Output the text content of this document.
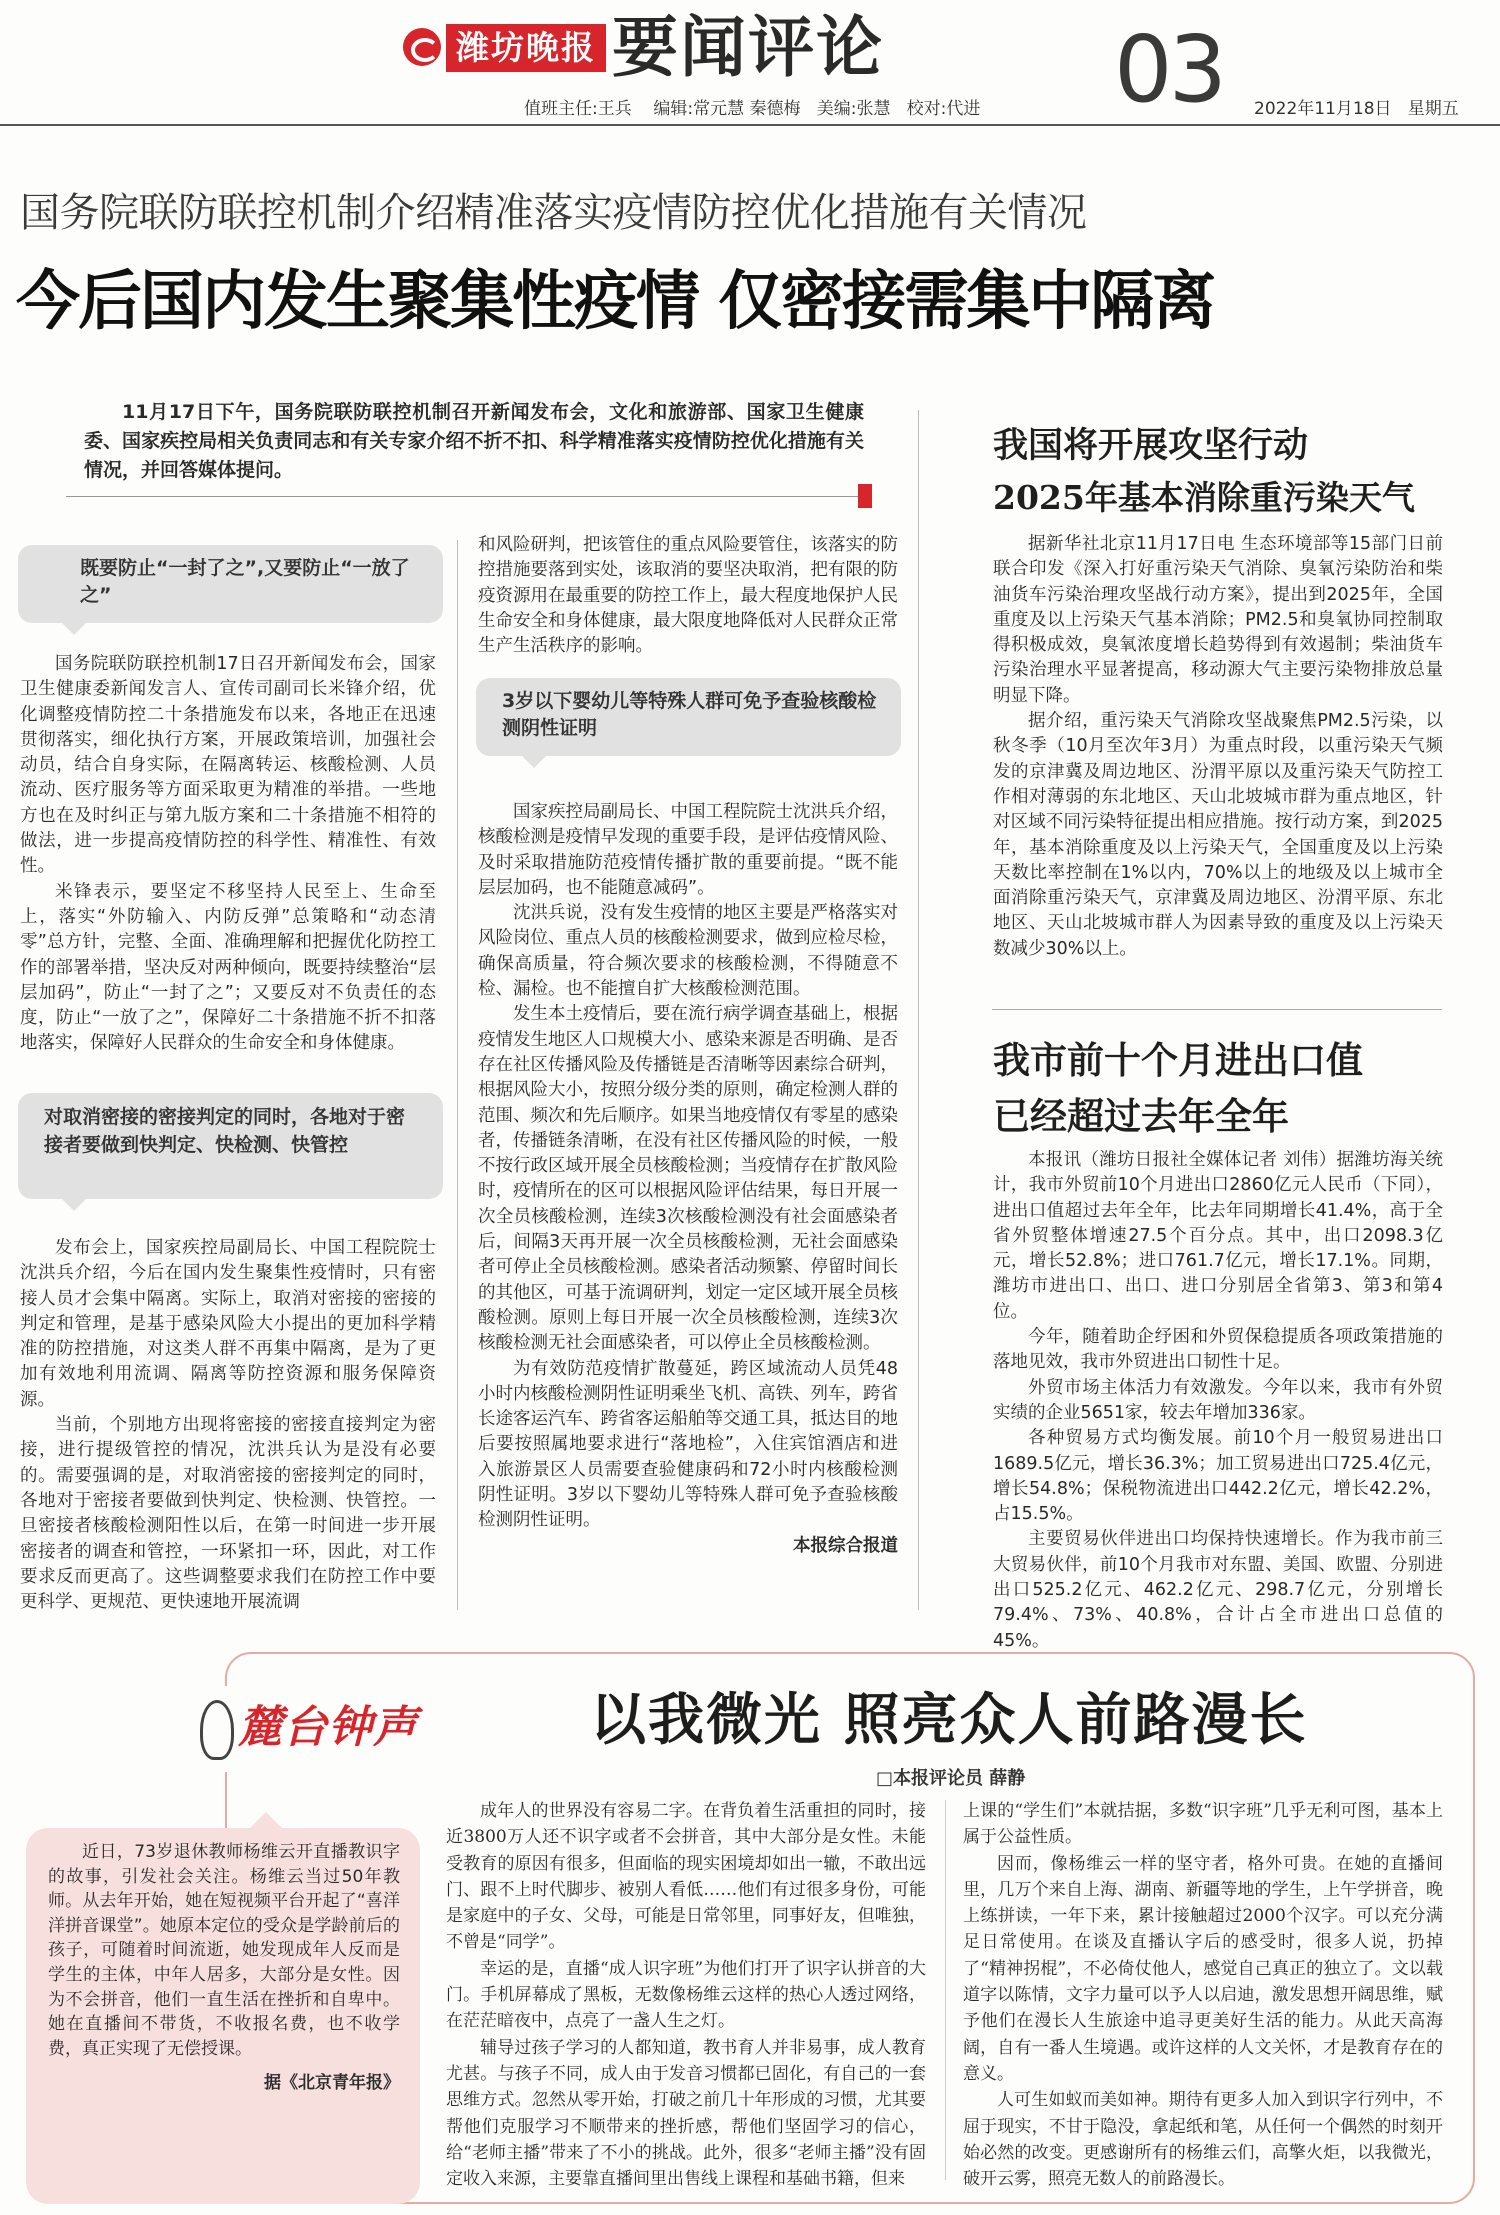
潍坊晚报 要闻评论	03 2022年11月18日 星期五
值班主任:王兵 编辑:常元慧 秦德梅 美编:张慧 校对:代进
国务院联防联控机制介绍精准落实疫情防控优化措施有关情况
今后国内发生聚集性疫情 仅密接需集中隔离

11月17日下午，国务院联防联控机制召开新闻发布会，文化和旅游部、国家卫生健康委、国家疾控局相关负责同志和有关专家介绍不折不扣、科学精准落实疫情防控优化措施有关情况，并回答媒体提问。

既要防止“一封了之”,又要防止“一放了之”

国务院联防联控机制17日召开新闻发布会，国家卫生健康委新闻发言人、宣传司副司长米锋介绍，优化调整疫情防控二十条措施发布以来，各地正在迅速贯彻落实，细化执行方案，开展政策培训，加强社会动员，结合自身实际，在隔离转运、核酸检测、人员流动、医疗服务等方面采取更为精准的举措。一些地方也在及时纠正与第九版方案和二十条措施不相符的做法，进一步提高疫情防控的科学性、精准性、有效性。

米锋表示，要坚定不移坚持人民至上、生命至上，落实“外防输入、内防反弹”总策略和“动态清零”总方针，完整、全面、准确理解和把握优化防控工作的部署举措，坚决反对两种倾向，既要持续整治“层层加码”，防止“一封了之”；又要反对不负责任的态度，防止“一放了之”，保障好二十条措施不折不扣落地落实，保障好人民群众的生命安全和身体健康。

对取消密接的密接判定的同时，各地对于密接者要做到快判定、快检测、快管控

发布会上，国家疾控局副局长、中国工程院院士沈洪兵介绍，今后在国内发生聚集性疫情时，只有密接人员才会集中隔离。实际上，取消对密接的密接的判定和管理，是基于感染风险大小提出的更加科学精准的防控措施，对这类人群不再集中隔离，是为了更加有效地利用流调、隔离等防控资源和服务保障资源。

当前，个别地方出现将密接的密接直接判定为密接，进行提级管控的情况，沈洪兵认为是没有必要的。需要强调的是，对取消密接的密接判定的同时，各地对于密接者要做到快判定、快检测、快管控。一旦密接者核酸检测阳性以后，在第一时间进一步开展密接者的调查和管控，一环紧扣一环，因此，对工作要求反而更高了。这些调整要求我们在防控工作中要更科学、更规范、更快速地开展流调

和风险研判，把该管住的重点风险要管住，该落实的防控措施要落到实处，该取消的要坚决取消，把有限的防疫资源用在最重要的防控工作上，最大程度地保护人民生命安全和身体健康，最大限度地降低对人民群众正常生产生活秩序的影响。

3岁以下婴幼儿等特殊人群可免予查验核酸检测阴性证明

国家疾控局副局长、中国工程院院士沈洪兵介绍，核酸检测是疫情早发现的重要手段，是评估疫情风险、及时采取措施防范疫情传播扩散的重要前提。“既不能层层加码，也不能随意减码”。

沈洪兵说，没有发生疫情的地区主要是严格落实对风险岗位、重点人员的核酸检测要求，做到应检尽检，确保高质量，符合频次要求的核酸检测，不得随意不检、漏检。也不能擅自扩大核酸检测范围。

发生本土疫情后，要在流行病学调查基础上，根据疫情发生地区人口规模大小、感染来源是否明确、是否存在社区传播风险及传播链是否清晰等因素综合研判，根据风险大小，按照分级分类的原则，确定检测人群的范围、频次和先后顺序。如果当地疫情仅有零星的感染者，传播链条清晰，在没有社区传播风险的时候，一般不按行政区域开展全员核酸检测；当疫情存在扩散风险时，疫情所在的区可以根据风险评估结果，每日开展一次全员核酸检测，连续3次核酸检测没有社会面感染者后，间隔3天再开展一次全员核酸检测，无社会面感染者可停止全员核酸检测。感染者活动频繁、停留时间长的其他区，可基于流调研判，划定一定区域开展全员核酸检测。原则上每日开展一次全员核酸检测，连续3次核酸检测无社会面感染者，可以停止全员核酸检测。

为有效防范疫情扩散蔓延，跨区域流动人员凭48小时内核酸检测阴性证明乘坐飞机、高铁、列车，跨省长途客运汽车、跨省客运船舶等交通工具，抵达目的地后要按照属地要求进行“落地检”，入住宾馆酒店和进入旅游景区人员需要查验健康码和72小时内核酸检测阴性证明。3岁以下婴幼儿等特殊人群可免予查验核酸检测阴性证明。

本报综合报道

我国将开展攻坚行动
2025年基本消除重污染天气

据新华社北京11月17日电 生态环境部等15部门日前联合印发《深入打好重污染天气消除、臭氧污染防治和柴油货车污染治理攻坚战行动方案》，提出到2025年，全国重度及以上污染天气基本消除；PM2.5和臭氧协同控制取得积极成效，臭氧浓度增长趋势得到有效遏制；柴油货车污染治理水平显著提高，移动源大气主要污染物排放总量明显下降。

据介绍，重污染天气消除攻坚战聚焦PM2.5污染，以秋冬季（10月至次年3月）为重点时段，以重污染天气频发的京津冀及周边地区、汾渭平原以及重污染天气防控工作相对薄弱的东北地区、天山北坡城市群为重点地区，针对区域不同污染特征提出相应措施。按行动方案，到2025年，基本消除重度及以上污染天气，全国重度及以上污染天数比率控制在1%以内，70%以上的地级及以上城市全面消除重污染天气，京津冀及周边地区、汾渭平原、东北地区、天山北坡城市群人为因素导致的重度及以上污染天数减少30%以上。

我市前十个月进出口值
已经超过去年全年

本报讯（潍坊日报社全媒体记者 刘伟）据潍坊海关统计，我市外贸前10个月进出口2860亿元人民币（下同），进出口值超过去年全年，比去年同期增长41.4%，高于全省外贸整体增速27.5个百分点。其中，出口2098.3亿元，增长52.8%；进口761.7亿元，增长17.1%。同期，潍坊市进出口、出口、进口分别居全省第3、第3和第4位。

今年，随着助企纾困和外贸保稳提质各项政策措施的落地见效，我市外贸进出口韧性十足。

外贸市场主体活力有效激发。今年以来，我市有外贸实绩的企业5651家，较去年增加336家。

各种贸易方式均衡发展。前10个月一般贸易进出口1689.5亿元，增长36.3%；加工贸易进出口725.4亿元，增长54.8%；保税物流进出口442.2亿元，增长42.2%，占15.5%。

主要贸易伙伴进出口均保持快速增长。作为我市前三大贸易伙伴，前10个月我市对东盟、美国、欧盟、分别进出口525.2亿元、462.2亿元、298.7亿元，分别增长79.4%、73%、40.8%，合计占全市进出口总值的45%。

麓台钟声	以我微光 照亮众人前路漫长
□本报评论员 薛静

近日，73岁退休教师杨维云开直播教识字的故事，引发社会关注。杨维云当过50年教师。从去年开始，她在短视频平台开起了“喜洋洋拼音课堂”。她原本定位的受众是学龄前后的孩子，可随着时间流逝，她发现成年人反而是学生的主体，中年人居多，大部分是女性。因为不会拼音，他们一直生活在挫折和自卑中。她在直播间不带货，不收报名费，也不收学费，真正实现了无偿授课。

据《北京青年报》

成年人的世界没有容易二字。在背负着生活重担的同时，接近3800万人还不识字或者不会拼音，其中大部分是女性。未能受教育的原因有很多，但面临的现实困境却如出一辙，不敢出远门、跟不上时代脚步、被别人看低……他们有过很多身份，可能是家庭中的子女、父母，可能是日常邻里，同事好友，但唯独，不曾是“同学”。

幸运的是，直播“成人识字班”为他们打开了识字认拼音的大门。手机屏幕成了黑板，无数像杨维云这样的热心人透过网络，在茫茫暗夜中，点亮了一盏人生之灯。

辅导过孩子学习的人都知道，教书育人并非易事，成人教育尤甚。与孩子不同，成人由于发音习惯都已固化，有自己的一套思维方式。忽然从零开始，打破之前几十年形成的习惯，尤其要帮他们克服学习不顺带来的挫折感，帮他们坚固学习的信心，给“老师主播”带来了不小的挑战。此外，很多“老师主播”没有固定收入来源，主要靠直播间里出售线上课程和基础书籍，但来

上课的“学生们”本就拮据，多数“识字班”几乎无利可图，基本上属于公益性质。

因而，像杨维云一样的坚守者，格外可贵。在她的直播间里，几万个来自上海、湖南、新疆等地的学生，上午学拼音，晚上练拼读，一年下来，累计接触超过2000个汉字。可以充分满足日常使用。在谈及直播认字后的感受时，很多人说，扔掉了“精神拐棍”，不必倚仗他人，感觉自己真正的独立了。文以载道字以陈情，文字力量可以予人以启迪，激发思想开阔思维，赋予他们在漫长人生旅途中追寻更美好生活的能力。从此天高海阔，自有一番人生境遇。或许这样的人文关怀，才是教育存在的意义。

人可生如蚁而美如神。期待有更多人加入到识字行列中，不屈于现实，不甘于隐没，拿起纸和笔，从任何一个偶然的时刻开始必然的改变。更感谢所有的杨维云们，高擎火炬，以我微光，破开云雾，照亮无数人的前路漫长。
